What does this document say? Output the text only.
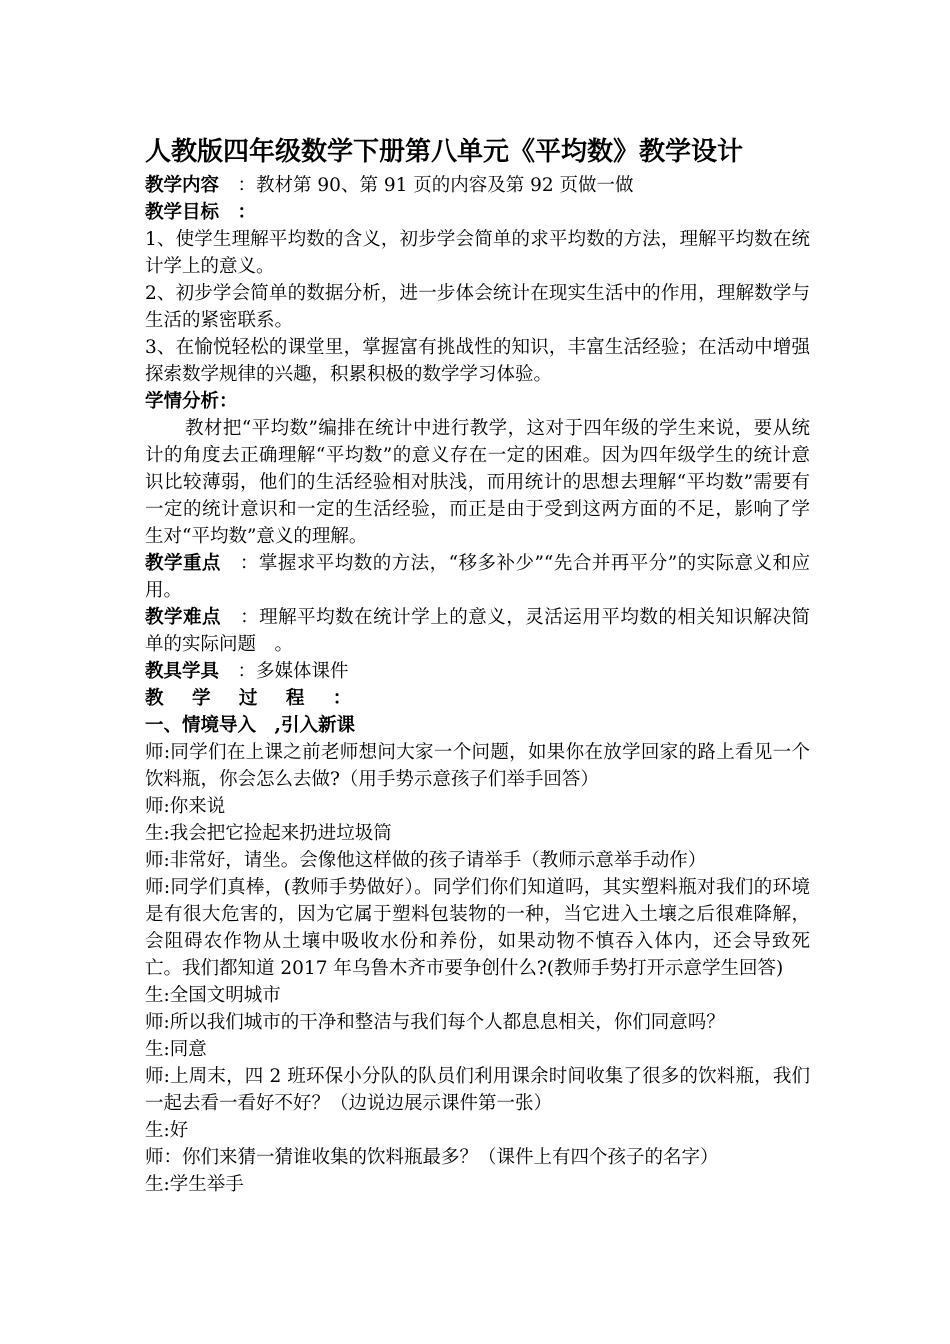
人教版四年级数学下册第八单元《平均数》教学设计

教学内容　 ：教材第 90、第 91 页的内容及第 92 页做一做

教学目标　 ：

1、使学生理解平均数的含义，初步学会简单的求平均数的方法，理解平均数在统计学上的意义。

2、初步学会简单的数据分析，进一步体会统计在现实生活中的作用，理解数学与生活的紧密联系。

3、在愉悦轻松的课堂里，掌握富有挑战性的知识，丰富生活经验；在活动中增强探索数学规律的兴趣，积累积极的数学学习体验。

学情分析：

教材把“平均数”编排在统计中进行教学，这对于四年级的学生来说，要从统计的角度去正确理解“平均数”的意义存在一定的困难。因为四年级学生的统计意识比较薄弱，他们的生活经验相对肤浅，而用统计的思想去理解“平均数”需要有一定的统计意识和一定的生活经验，而正是由于受到这两方面的不足，影响了学生对“平均数”意义的理解。

教学重点　 ：掌握求平均数的方法，“移多补少”“先合并再平分”的实际意义和应用。

教学难点　 ：理解平均数在统计学上的意义，灵活运用平均数的相关知识解决简单的实际问题　。

教具学具　 ：多媒体课件

教 学 过 程 ：

一、情境导入　,引入新课

师:同学们在上课之前老师想问大家一个问题，如果你在放学回家的路上看见一个饮料瓶，你会怎么去做?（用手势示意孩子们举手回答）

师:你来说

生:我会把它捡起来扔进垃圾筒

师:非常好，请坐。会像他这样做的孩子请举手（教师示意举手动作）

师:同学们真棒，(教师手势做好）。同学们你们知道吗，其实塑料瓶对我们的环境是有很大危害的，因为它属于塑料包装物的一种，当它进入土壤之后很难降解，会阻碍农作物从土壤中吸收水份和养份，如果动物不慎吞入体内，还会导致死亡。我们都知道 2017 年乌鲁木齐市要争创什么?(教师手势打开示意学生回答)

生:全国文明城市

师:所以我们城市的干净和整洁与我们每个人都息息相关，你们同意吗？

生:同意

师:上周末，四 2 班环保小分队的队员们利用课余时间收集了很多的饮料瓶，我们一起去看一看好不好？（边说边展示课件第一张）

生:好

师：你们来猜一猜谁收集的饮料瓶最多？（课件上有四个孩子的名字）

生:学生举手
